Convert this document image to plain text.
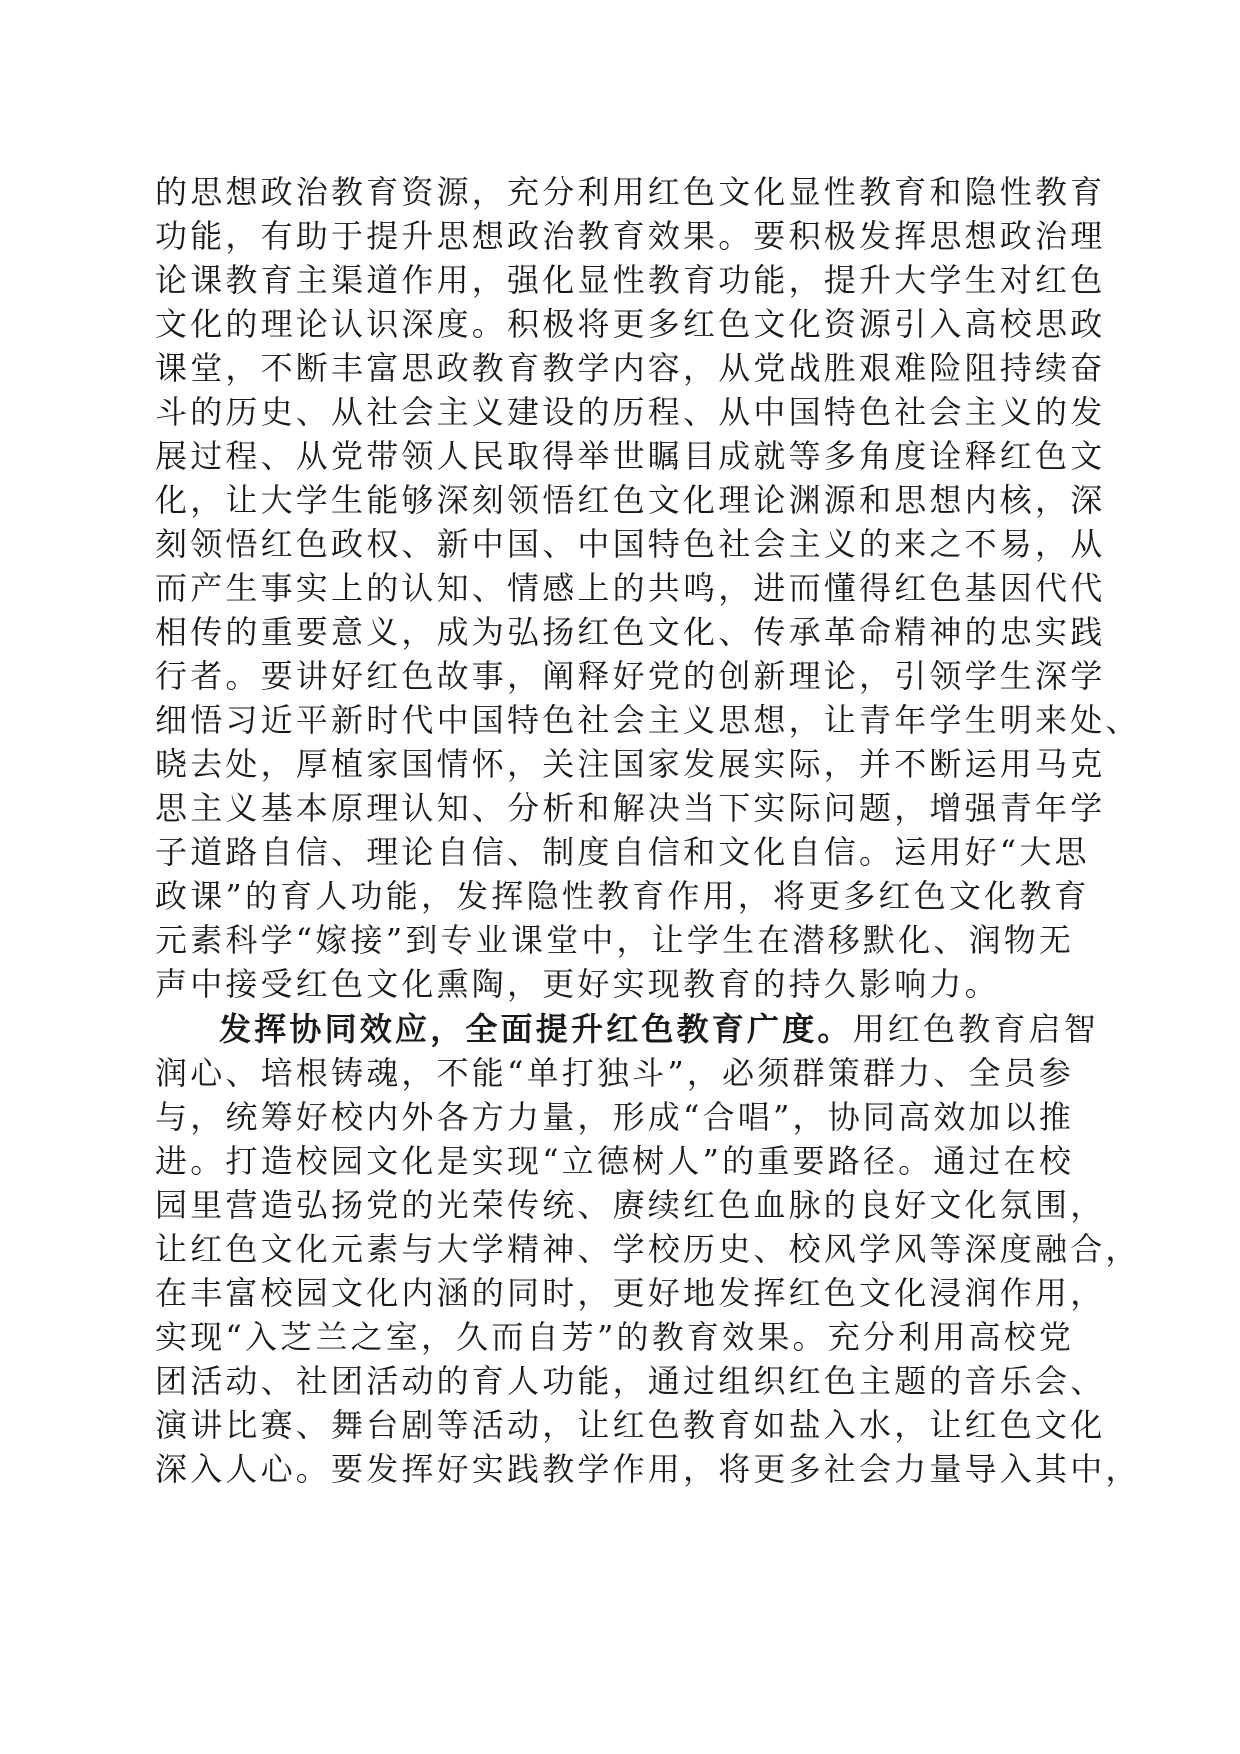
的思想政治教育资源，充分利用红色文化显性教育和隐性教育
功能，有助于提升思想政治教育效果。要积极发挥思想政治理
论课教育主渠道作用，强化显性教育功能，提升大学生对红色
文化的理论认识深度。积极将更多红色文化资源引入高校思政
课堂，不断丰富思政教育教学内容，从党战胜艰难险阻持续奋
斗的历史、从社会主义建设的历程、从中国特色社会主义的发
展过程、从党带领人民取得举世瞩目成就等多角度诠释红色文
化，让大学生能够深刻领悟红色文化理论渊源和思想内核，深
刻领悟红色政权、新中国、中国特色社会主义的来之不易，从
而产生事实上的认知、情感上的共鸣，进而懂得红色基因代代
相传的重要意义，成为弘扬红色文化、传承革命精神的忠实践
行者。要讲好红色故事，阐释好党的创新理论，引领学生深学
细悟习近平新时代中国特色社会主义思想，让青年学生明来处、
晓去处，厚植家国情怀，关注国家发展实际，并不断运用马克
思主义基本原理认知、分析和解决当下实际问题，增强青年学
子道路自信、理论自信、制度自信和文化自信。运用好“大思
政课”的育人功能，发挥隐性教育作用，将更多红色文化教育
元素科学“嫁接”到专业课堂中，让学生在潜移默化、润物无
声中接受红色文化熏陶，更好实现教育的持久影响力。
发挥协同效应，全面提升红色教育广度。用红色教育启智
润心、培根铸魂，不能“单打独斗”，必须群策群力、全员参
与，统筹好校内外各方力量，形成“合唱”，协同高效加以推
进。打造校园文化是实现“立德树人”的重要路径。通过在校
园里营造弘扬党的光荣传统、赓续红色血脉的良好文化氛围，
让红色文化元素与大学精神、学校历史、校风学风等深度融合，
在丰富校园文化内涵的同时，更好地发挥红色文化浸润作用，
实现“入芝兰之室，久而自芳”的教育效果。充分利用高校党
团活动、社团活动的育人功能，通过组织红色主题的音乐会、
演讲比赛、舞台剧等活动，让红色教育如盐入水，让红色文化
深入人心。要发挥好实践教学作用，将更多社会力量导入其中，
